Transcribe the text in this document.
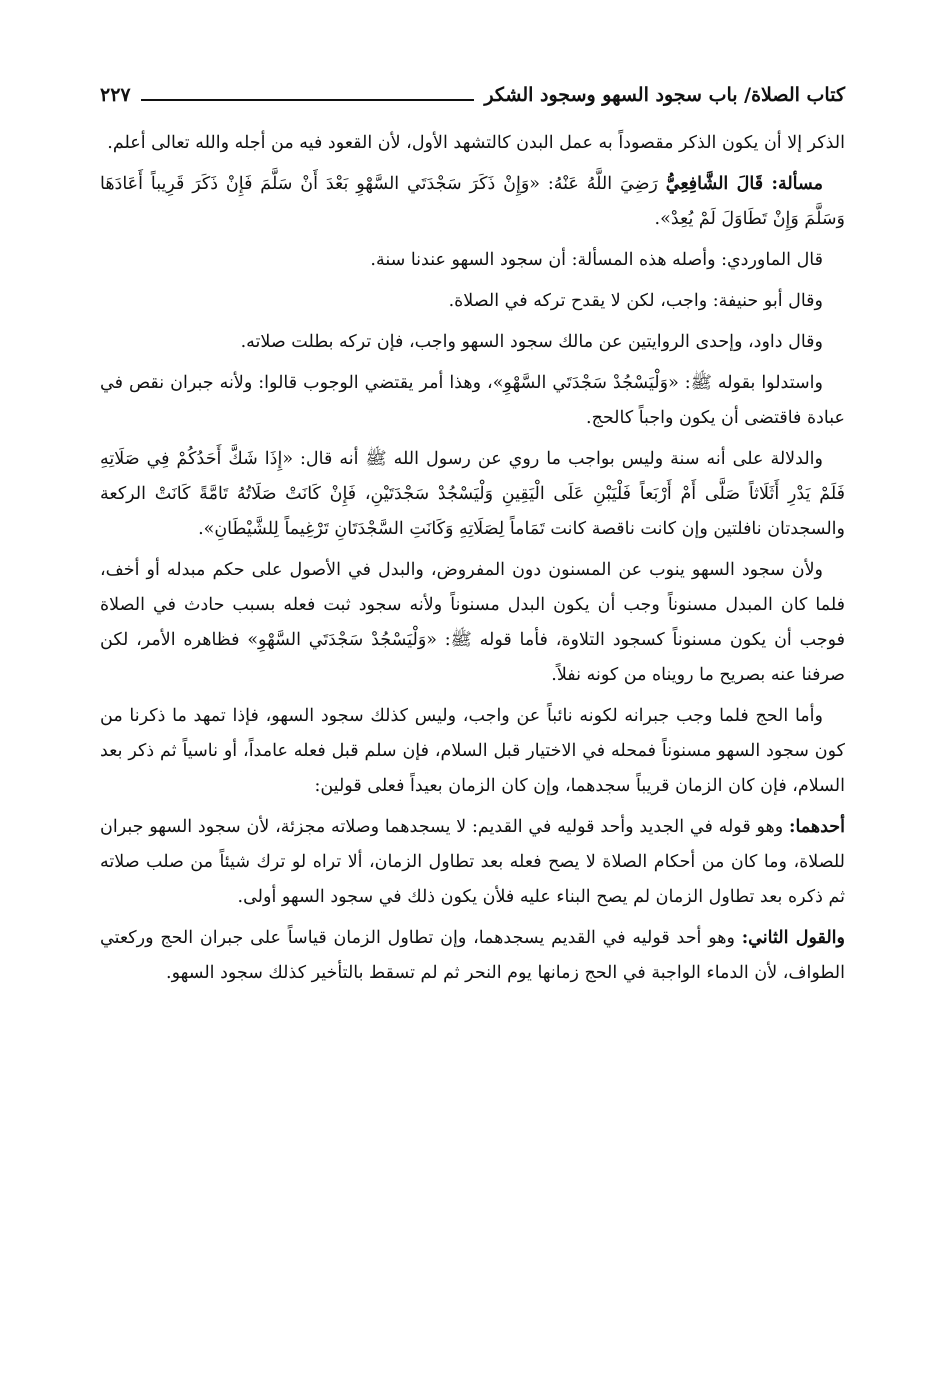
كتاب الصلاة/ باب سجود السهو وسجود الشكر
٢٢٧

الذكر إلا أن يكون الذكر مقصوداً به عمل البدن كالتشهد الأول، لأن القعود فيه من أجله والله تعالى أعلم.

مسألة: قَالَ الشَّافِعِيُّ رَضِيَ اللَّهُ عَنْهُ: «وَإِنْ ذَكَرَ سَجْدَتَي السَّهْوِ بَعْدَ أَنْ سَلَّمَ فَإِنْ ذَكَرَ قَرِيباً أَعَادَهَا وَسَلَّمَ وَإِنْ تَطَاوَلَ لَمْ يُعِدْ».

قال الماوردي: وأصله هذه المسألة: أن سجود السهو عندنا سنة.

وقال أبو حنيفة: واجب، لكن لا يقدح تركه في الصلاة.

وقال داود، وإحدى الروايتين عن مالك سجود السهو واجب، فإن تركه بطلت صلاته.

واستدلوا بقوله ﷺ: «وَلْيَسْجُدْ سَجْدَتَي السَّهْوِ»، وهذا أمر يقتضي الوجوب قالوا: ولأنه جبران نقص في عبادة فاقتضى أن يكون واجباً كالحج.

والدلالة على أنه سنة وليس بواجب ما روي عن رسول الله ﷺ أنه قال: «إِذَا شَكَّ أَحَدُكُمْ فِي صَلَاتِهِ فَلَمْ يَدْرِ أَثَلَاثاً صَلَّى أَمْ أَرْبَعاً فَلْيَبْنِ عَلَى الْيَقِينِ وَلْيَسْجُدْ سَجْدَتَيْنِ، فَإِنْ كَانَتْ صَلَاتُهُ تَامَّةً كَانَتْ الركعة والسجدتان نافلتين وإن كانت ناقصة كانت تَمَاماً لِصَلَاتِهِ وَكَانَتِ السَّجْدَتَانِ تَرْغِيماً لِلشَّيْطَانِ».

ولأن سجود السهو ينوب عن المسنون دون المفروض، والبدل في الأصول على حكم مبدله أو أخف، فلما كان المبدل مسنوناً وجب أن يكون البدل مسنوناً ولأنه سجود ثبت فعله بسبب حادث في الصلاة فوجب أن يكون مسنوناً كسجود التلاوة، فأما قوله ﷺ: «وَلْيَسْجُدْ سَجْدَتَي السَّهْوِ» فظاهره الأمر، لكن صرفنا عنه بصريح ما رويناه من كونه نفلاً.

وأما الحج فلما وجب جبرانه لكونه نائباً عن واجب، وليس كذلك سجود السهو، فإذا تمهد ما ذكرنا من كون سجود السهو مسنوناً فمحله في الاختيار قبل السلام، فإن سلم قبل فعله عامداً، أو ناسياً ثم ذكر بعد السلام، فإن كان الزمان قريباً سجدهما، وإن كان الزمان بعيداً فعلى قولين:

أحدهما: وهو قوله في الجديد وأحد قوليه في القديم: لا يسجدهما وصلاته مجزئة، لأن سجود السهو جبران للصلاة، وما كان من أحكام الصلاة لا يصح فعله بعد تطاول الزمان، ألا تراه لو ترك شيئاً من صلب صلاته ثم ذكره بعد تطاول الزمان لم يصح البناء عليه فلأن يكون ذلك في سجود السهو أولى.

والقول الثاني: وهو أحد قوليه في القديم يسجدهما، وإن تطاول الزمان قياساً على جبران الحج وركعتي الطواف، لأن الدماء الواجبة في الحج زمانها يوم النحر ثم لم تسقط بالتأخير كذلك سجود السهو.
